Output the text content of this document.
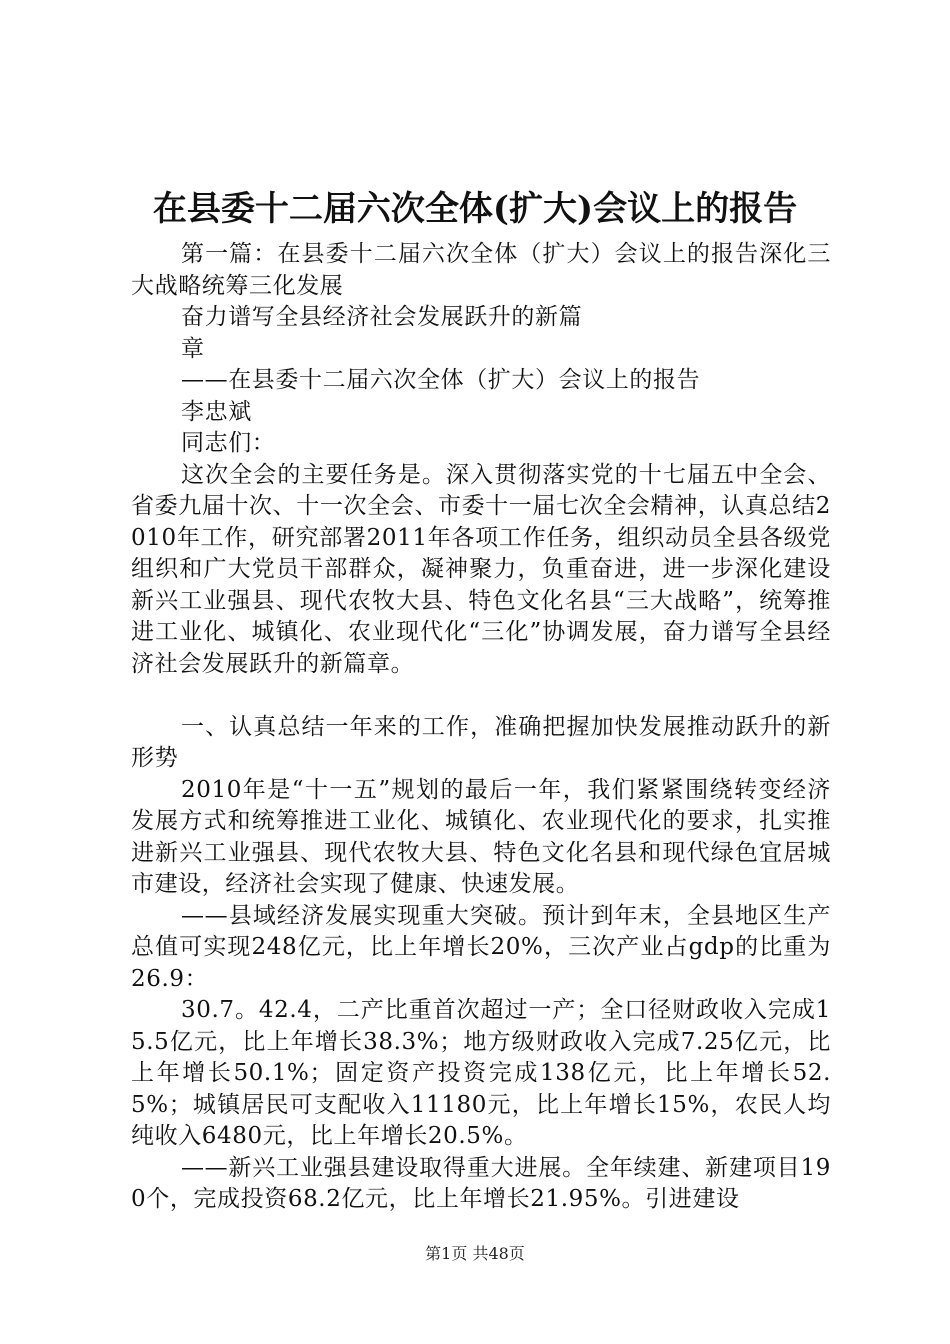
在县委十二届六次全体(扩大)会议上的报告

第一篇：在县委十二届六次全体（扩大）会议上的报告深化三大战略统筹三化发展

奋力谱写全县经济社会发展跃升的新篇

章

——在县委十二届六次全体（扩大）会议上的报告

李忠斌

同志们：

这次全会的主要任务是。深入贯彻落实党的十七届五中全会、省委九届十次、十一次全会、市委十一届七次全会精神，认真总结2010年工作，研究部署2011年各项工作任务，组织动员全县各级党组织和广大党员干部群众，凝神聚力，负重奋进，进一步深化建设新兴工业强县、现代农牧大县、特色文化名县“三大战略”，统筹推进工业化、城镇化、农业现代化“三化”协调发展，奋力谱写全县经济社会发展跃升的新篇章。

一、认真总结一年来的工作，准确把握加快发展推动跃升的新形势

2010年是“十一五”规划的最后一年，我们紧紧围绕转变经济发展方式和统筹推进工业化、城镇化、农业现代化的要求，扎实推进新兴工业强县、现代农牧大县、特色文化名县和现代绿色宜居城市建设，经济社会实现了健康、快速发展。

——县域经济发展实现重大突破。预计到年末，全县地区生产总值可实现248亿元，比上年增长20%，三次产业占gdp的比重为26.9：

30.7。42.4，二产比重首次超过一产；全口径财政收入完成15.5亿元，比上年增长38.3%；地方级财政收入完成7.25亿元，比上年增长50.1%；固定资产投资完成138亿元，比上年增长52.5%；城镇居民可支配收入11180元，比上年增长15%，农民人均纯收入6480元，比上年增长20.5%。

——新兴工业强县建设取得重大进展。全年续建、新建项目190个，完成投资68.2亿元，比上年增长21.95%。引进建设

第1页 共48页
